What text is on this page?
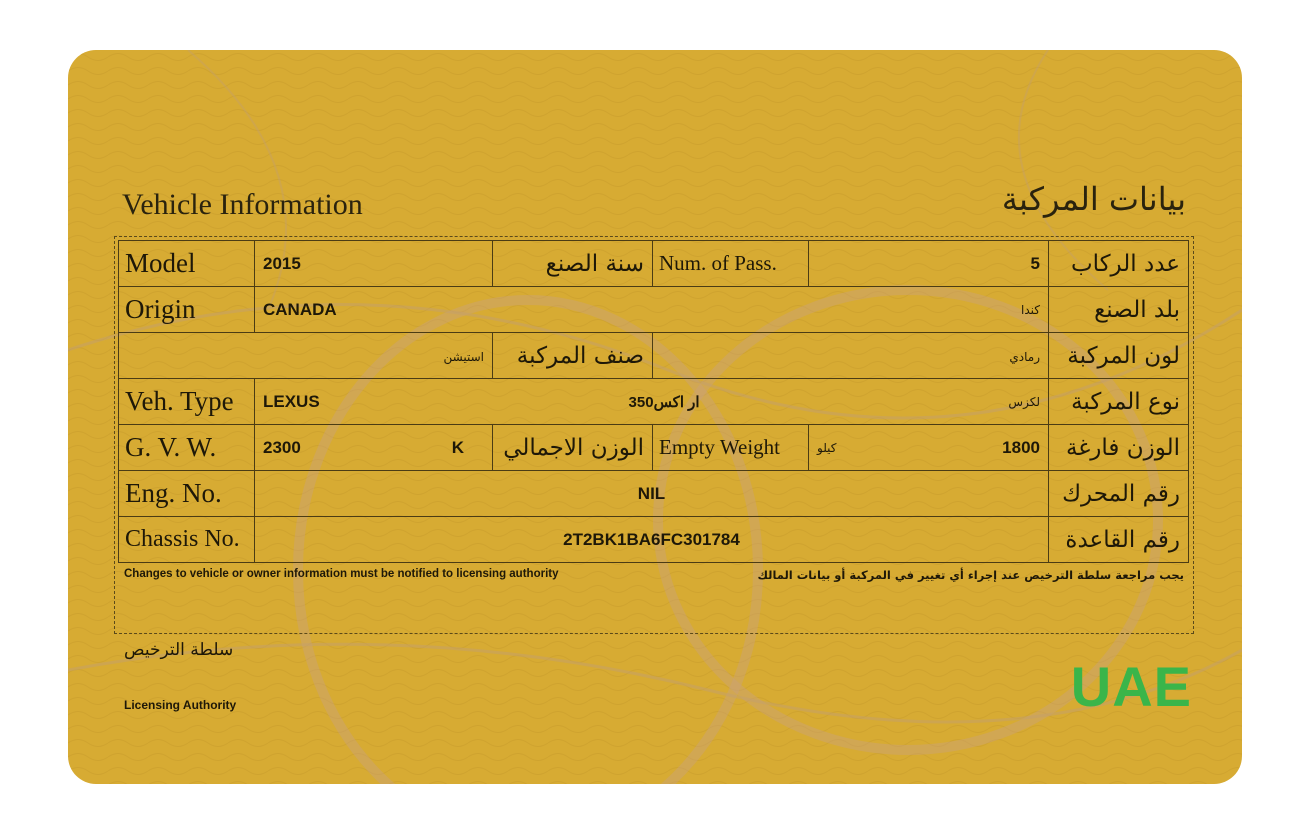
Vehicle Information	بيانات المركبة
Model	2015	سنة الصنع	Num. of Pass.	5	عدد الركاب
Origin	CANADA كندا				بلد الصنع
استيشن		صنف المركبة	رمادي		لون المركبة
Veh. Type	LEXUS 350ار اكس لكزس				نوع المركبة
G. V. W.	2300 K	الوزن الاجمالي	Empty Weight	كيلو 1800	الوزن فارغة
Eng. No.	NIL				رقم المحرك
Chassis No.	2T2BK1BA6FC301784				رقم القاعدة
Changes to vehicle or owner information must be notified to licensing authority	يجب مراجعة سلطة الترخيص عند إجراء أي تغيير في المركبة أو بيانات المالك
سلطة الترخيص
Licensing Authority	UAE
